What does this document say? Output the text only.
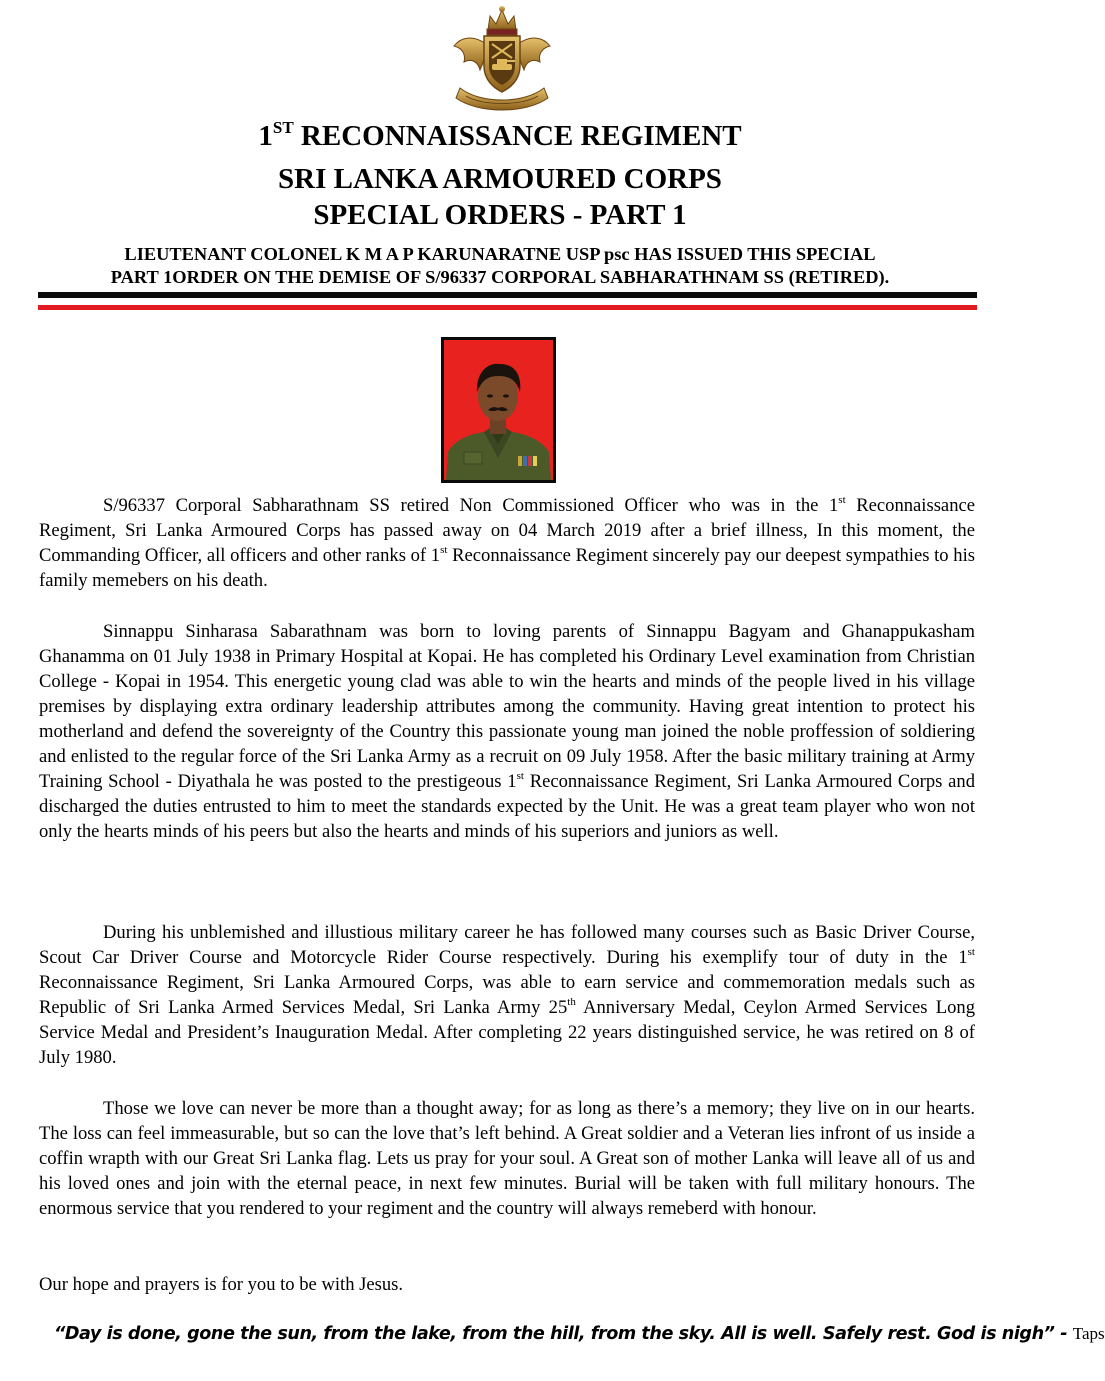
1ST RECONNAISSANCE REGIMENT
SRI LANKA ARMOURED CORPS
SPECIAL ORDERS - PART 1

LIEUTENANT COLONEL K M A P KARUNARATNE USP psc HAS ISSUED THIS SPECIAL
PART 1ORDER ON THE DEMISE OF S/96337 CORPORAL SABHARATHNAM SS (RETIRED).

S/96337 Corporal Sabharathnam SS retired Non Commissioned Officer who was in the 1st Reconnaissance Regiment, Sri Lanka Armoured Corps has passed away on 04 March 2019 after a brief illness, In this moment, the Commanding Officer, all officers and other ranks of 1st Reconnaissance Regiment sincerely pay our deepest sympathies to his family memebers on his death.

Sinnappu Sinharasa Sabarathnam was born to loving parents of Sinnappu Bagyam and Ghanappukasham Ghanamma on 01 July 1938 in Primary Hospital at Kopai. He has completed his Ordinary Level examination from Christian College - Kopai in 1954. This energetic young clad was able to win the hearts and minds of the people lived in his village premises by displaying extra ordinary leadership attributes among the community. Having great intention to protect his motherland and defend the sovereignty of the Country this passionate young man joined the noble proffession of soldiering and enlisted to the regular force of the Sri Lanka Army as a recruit on 09 July 1958. After the basic military training at Army Training School - Diyathala he was posted to the prestigeous 1st Reconnaissance Regiment, Sri Lanka Armoured Corps and discharged the duties entrusted to him to meet the standards expected by the Unit. He was a great team player who won not only the hearts minds of his peers but also the hearts and minds of his superiors and juniors as well.

During his unblemished and illustious military career he has followed many courses such as Basic Driver Course, Scout Car Driver Course and Motorcycle Rider Course respectively. During his exemplify tour of duty in the 1st Reconnaissance Regiment, Sri Lanka Armoured Corps, was able to earn service and commemoration medals such as Republic of Sri Lanka Armed Services Medal, Sri Lanka Army 25th Anniversary Medal, Ceylon Armed Services Long Service Medal and President’s Inauguration Medal. After completing 22 years distinguished service, he was retired on 8 of July 1980.

Those we love can never be more than a thought away; for as long as there’s a memory; they live on in our hearts. The loss can feel immeasurable, but so can the love that’s left behind. A Great soldier and a Veteran lies infront of us inside a coffin wrapth with our Great Sri Lanka flag. Lets us pray for your soul. A Great son of mother Lanka will leave all of us and his loved ones and join with the eternal peace, in next few minutes. Burial will be taken with full military honours. The enormous service that you rendered to your regiment and the country will always remeberd with honour.

Our hope and prayers is for you to be with Jesus.

“Day is done, gone the sun, from the lake, from the hill, from the sky. All is well. Safely rest. God is nigh” - Taps
